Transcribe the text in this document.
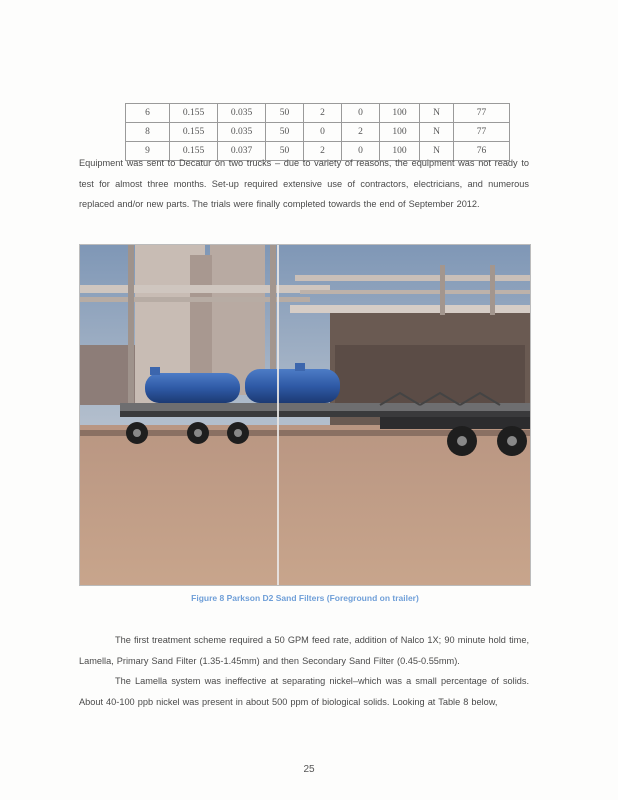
6	0.155	0.035	50	2	0	100	N	77
8	0.155	0.035	50	0	2	100	N	77
9	0.155	0.037	50	2	0	100	N	76

Equipment was sent to Decatur on two trucks – due to variety of reasons, the equipment was not ready to test for almost three months. Set-up required extensive use of contractors, electricians, and numerous replaced and/or new parts. The trials were finally completed towards the end of September 2012.

Figure 8 Parkson D2 Sand Filters (Foreground on trailer)

The first treatment scheme required a 50 GPM feed rate, addition of Nalco 1X; 90 minute hold time, Lamella, Primary Sand Filter (1.35-1.45mm) and then Secondary Sand Filter (0.45-0.55mm).

The Lamella system was ineffective at separating nickel–which was a small percentage of solids. About 40-100 ppb nickel was present in about 500 ppm of biological solids. Looking at Table 8 below,

25
